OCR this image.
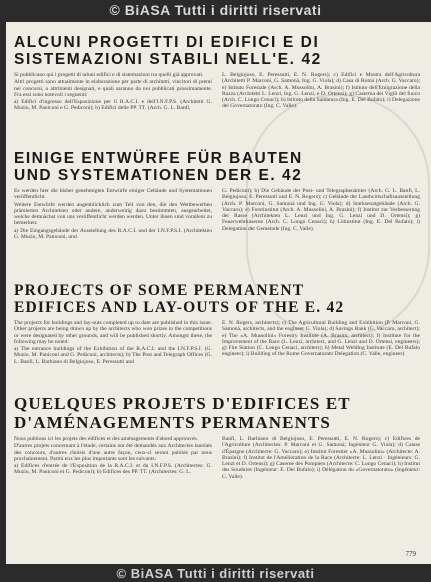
© BiASA Tutti i diritti riservati
© BiASA Tutti i diritti riservati
ALCUNI PROGETTI DI EDIFICI E DI
SISTEMAZIONI STABILI NELL'E. 42

Si pubblicano qui i progetti di taluni edifici e di sistemazioni tra quelli già approvati.

Altri progetti sono attualmente in elaborazione per parte di architetti, vincitori di premi nei concorsi, o altrimenti designati, e quali saranno da noi pubblicati prossimamente. Fra essi sono notevoli i seguenti:

a) Edifici d'ingresso dell'Esposizione per il R.A.C.I. e dell'I.N.F.P.S. (Architetti G. Muzio, M. Paniconi e G. Pediconi); b) Edifici delle PP. TT. (Arch. G. L. Banfi,

L. Belgiojoso, E. Peressutti, E. N. Rogers); c) Edifici e Mostra dell'Agricoltura (Architetti P. Marconi, G. Samonà, Ing. G. Viola); d) Casa di Roma (Arch. G. Vaccaro); e) Istituto Forestale (Arch. A. Mussolini, A. Brasini); f) Istituto dell'Emigrazione della Razza (Architetti L. Lenzi, Ing. G. Lenzi, e D. Ortensi); g) Caserma dei Vigili del fuoco (Arch. C. Longo Cenaci); h) Istituto della Saldatura (Ing. E. Del Bufalo); i) Delegazione del Governatorato (Ing. C. Valle).

EINIGE ENTWÜRFE FÜR BAUTEN
UND SYSTEMATIONEN DER E. 42

Es werden hier die bisher genehmigten Entwürfe einiger Gebäude und Systemationen veröffentlicht.

Weitere Entwürfe werden augenblicklich zum Teil von den, die den Wettbewerben prämierten Architekten oder andere, anderweitig dazu bestimmten, ausgearbeitet, welche demnächst von uns veröffentlicht werden werden. Unter ihnen sind vorallem zu bemerken:

a) Die Eingangsgebäude der Ausstellung des R.A.C.I. und der I.N.F.P.S.I. (Architekten G. Muzio, M. Paniconi, und

G. Pediconi); b) Die Gebäude der Post- und Telegraphenämter (Arch. G. L. Banfi, L. Belgiojoso, E. Peressutti und E. N. Rogers); c) Gebäude der Landwirtschaftsausstellung (Arch. P. Marconi, G. Samonà und Ing. G. Viola); d) Starksenatgebäude (Arch. G. Vaccaro); e) Forstinstitut (Arch. A. Mussolini, A. Brasini); f) Institut zur Verbesserung der Rasse (Architekten L. Lenzi und Ing. G. Lenzi und D. Ortensi); g) Feuerwehrkaserne (Arch. C. Longo Cenaci); h) Lötinstitut (Ing. E. Del Bufalo); i) Delegation der Gemeinde (Ing. C. Valle).

PROJECTS OF SOME PERMANENT
EDIFICES AND LAY-OUTS OF THE E. 42

The projects for buildings and lay-outs completed up to date are published in this issue. Other projects are being drawn up by the architects who won prizes in the competitions or were designated by other grounds, and will be published shortly. Amongst these, the following may be noted:

a) The entrance buildings of the Exhibition of the R.A.C.I. and the I.N.F.P.S.I. (G. Muzio, M. Paniconi and G. Pediconi, architects); b) The Post and Telegraph Offices (G. L. Banfi, L. Barbiano di Belgiojoso, E. Peressutti and

E. N. Rogers, architects); c) The Agricultural Building and Exhibition (P. Marconi, G. Samonà, architects, and the engineer G. Viola); d) Savings Bank (G. Vaccaro, architect); e) The «A. Mussolini» Forestry Institute (A. Brasini, architect); f) Institute for the Improvement of the Race (L. Lenzi, architect, and G. Lenzi and D. Ortensi, engineers); g) Fire Station (C. Longo Cenaci, architect); h) Metal Welding Institute (E. Del Bufalo engineer); i) Building of the Rome Governatorato Delegation (C. Valle, engineer).

QUELQUES PROJETS D'EDIFICES ET
D'AMÉNAGEMENTS PERMANENTS

Nous publions ici les projets des édifices et des aménagements d'abord approuvés.

D'autres projets concernant à l'étude, certains ont été demandés aux Architectes lauréats des concours, d'autres choisis d'une autre façon, ceux-ci seront publiés par nous prochainement. Parmi eux les plus importants sont les suivants:

a) Edifices d'entrée de l'Exposition de la R.A.C.I. et du I.N.F.P.S. (Architectes: G. Muzio, M. Paniconi et G. Pediconi); b) Edifices des PP. TT. (Architectes: G. L.

Banfi, L. Barbiano di Belgiojoso, E. Peressutti, E. N. Rogers); c) Edifices de l'Agriculture (Architectes: P. Marconi et G. Samonà; Ingénieur G. Viola); d) Caisse d'Épargne (Architecte: G. Vaccaro); e) Institut Forestier «A. Mussolini» (Architecte: A. Brasini); f) Institut de l'Amélioration de la Race (Architecte: L. Lenzi · Ingénieurs: G. Lenzi et D. Ortensi); g) Caserne des Pompiers (Architecte: C. Longo Cenaci); h) Institut des Soudures (Ingénieur: E. Del Bufalo); i) Délégation du «Governatorato» (Ingénieur: C. Valle).

779
